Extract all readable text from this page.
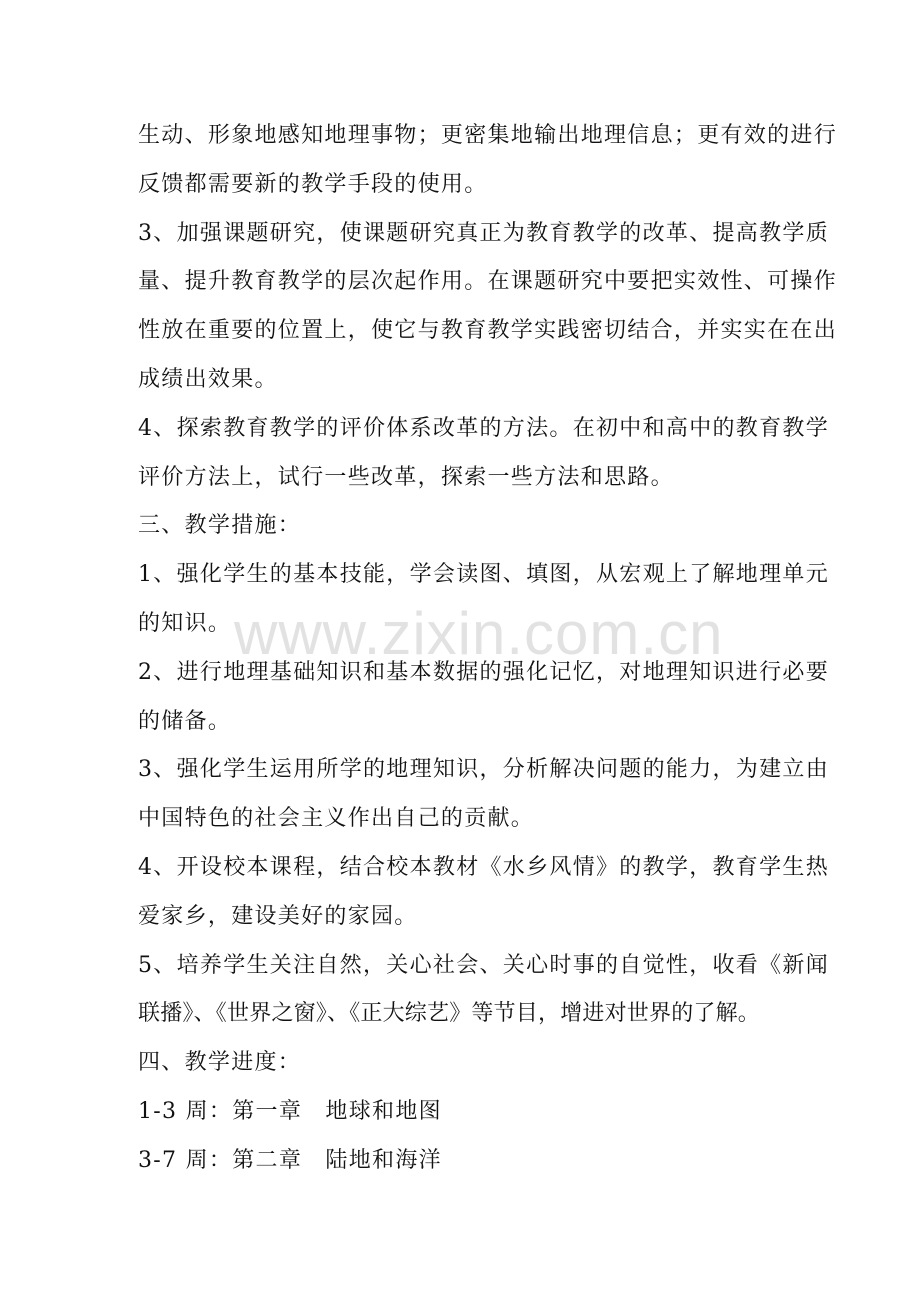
生动、形象地感知地理事物；更密集地输出地理信息；更有效的进行
反馈都需要新的教学手段的使用。
3、加强课题研究，使课题研究真正为教育教学的改革、提高教学质
量、提升教育教学的层次起作用。在课题研究中要把实效性、可操作
性放在重要的位置上，使它与教育教学实践密切结合，并实实在在出
成绩出效果。
4、探索教育教学的评价体系改革的方法。在初中和高中的教育教学
评价方法上，试行一些改革，探索一些方法和思路。
三、教学措施：
1、强化学生的基本技能，学会读图、填图，从宏观上了解地理单元
的知识。
2、进行地理基础知识和基本数据的强化记忆，对地理知识进行必要
的储备。
3、强化学生运用所学的地理知识，分析解决问题的能力，为建立由
中国特色的社会主义作出自己的贡献。
4、开设校本课程，结合校本教材《水乡风情》的教学，教育学生热
爱家乡，建设美好的家园。
5、培养学生关注自然，关心社会、关心时事的自觉性，收看《新闻
联播》、《世界之窗》、《正大综艺》等节目，增进对世界的了解。
四、教学进度：
1-3 周：第一章　地球和地图
3-7 周：第二章　陆地和海洋
www.zixin.com.cn
